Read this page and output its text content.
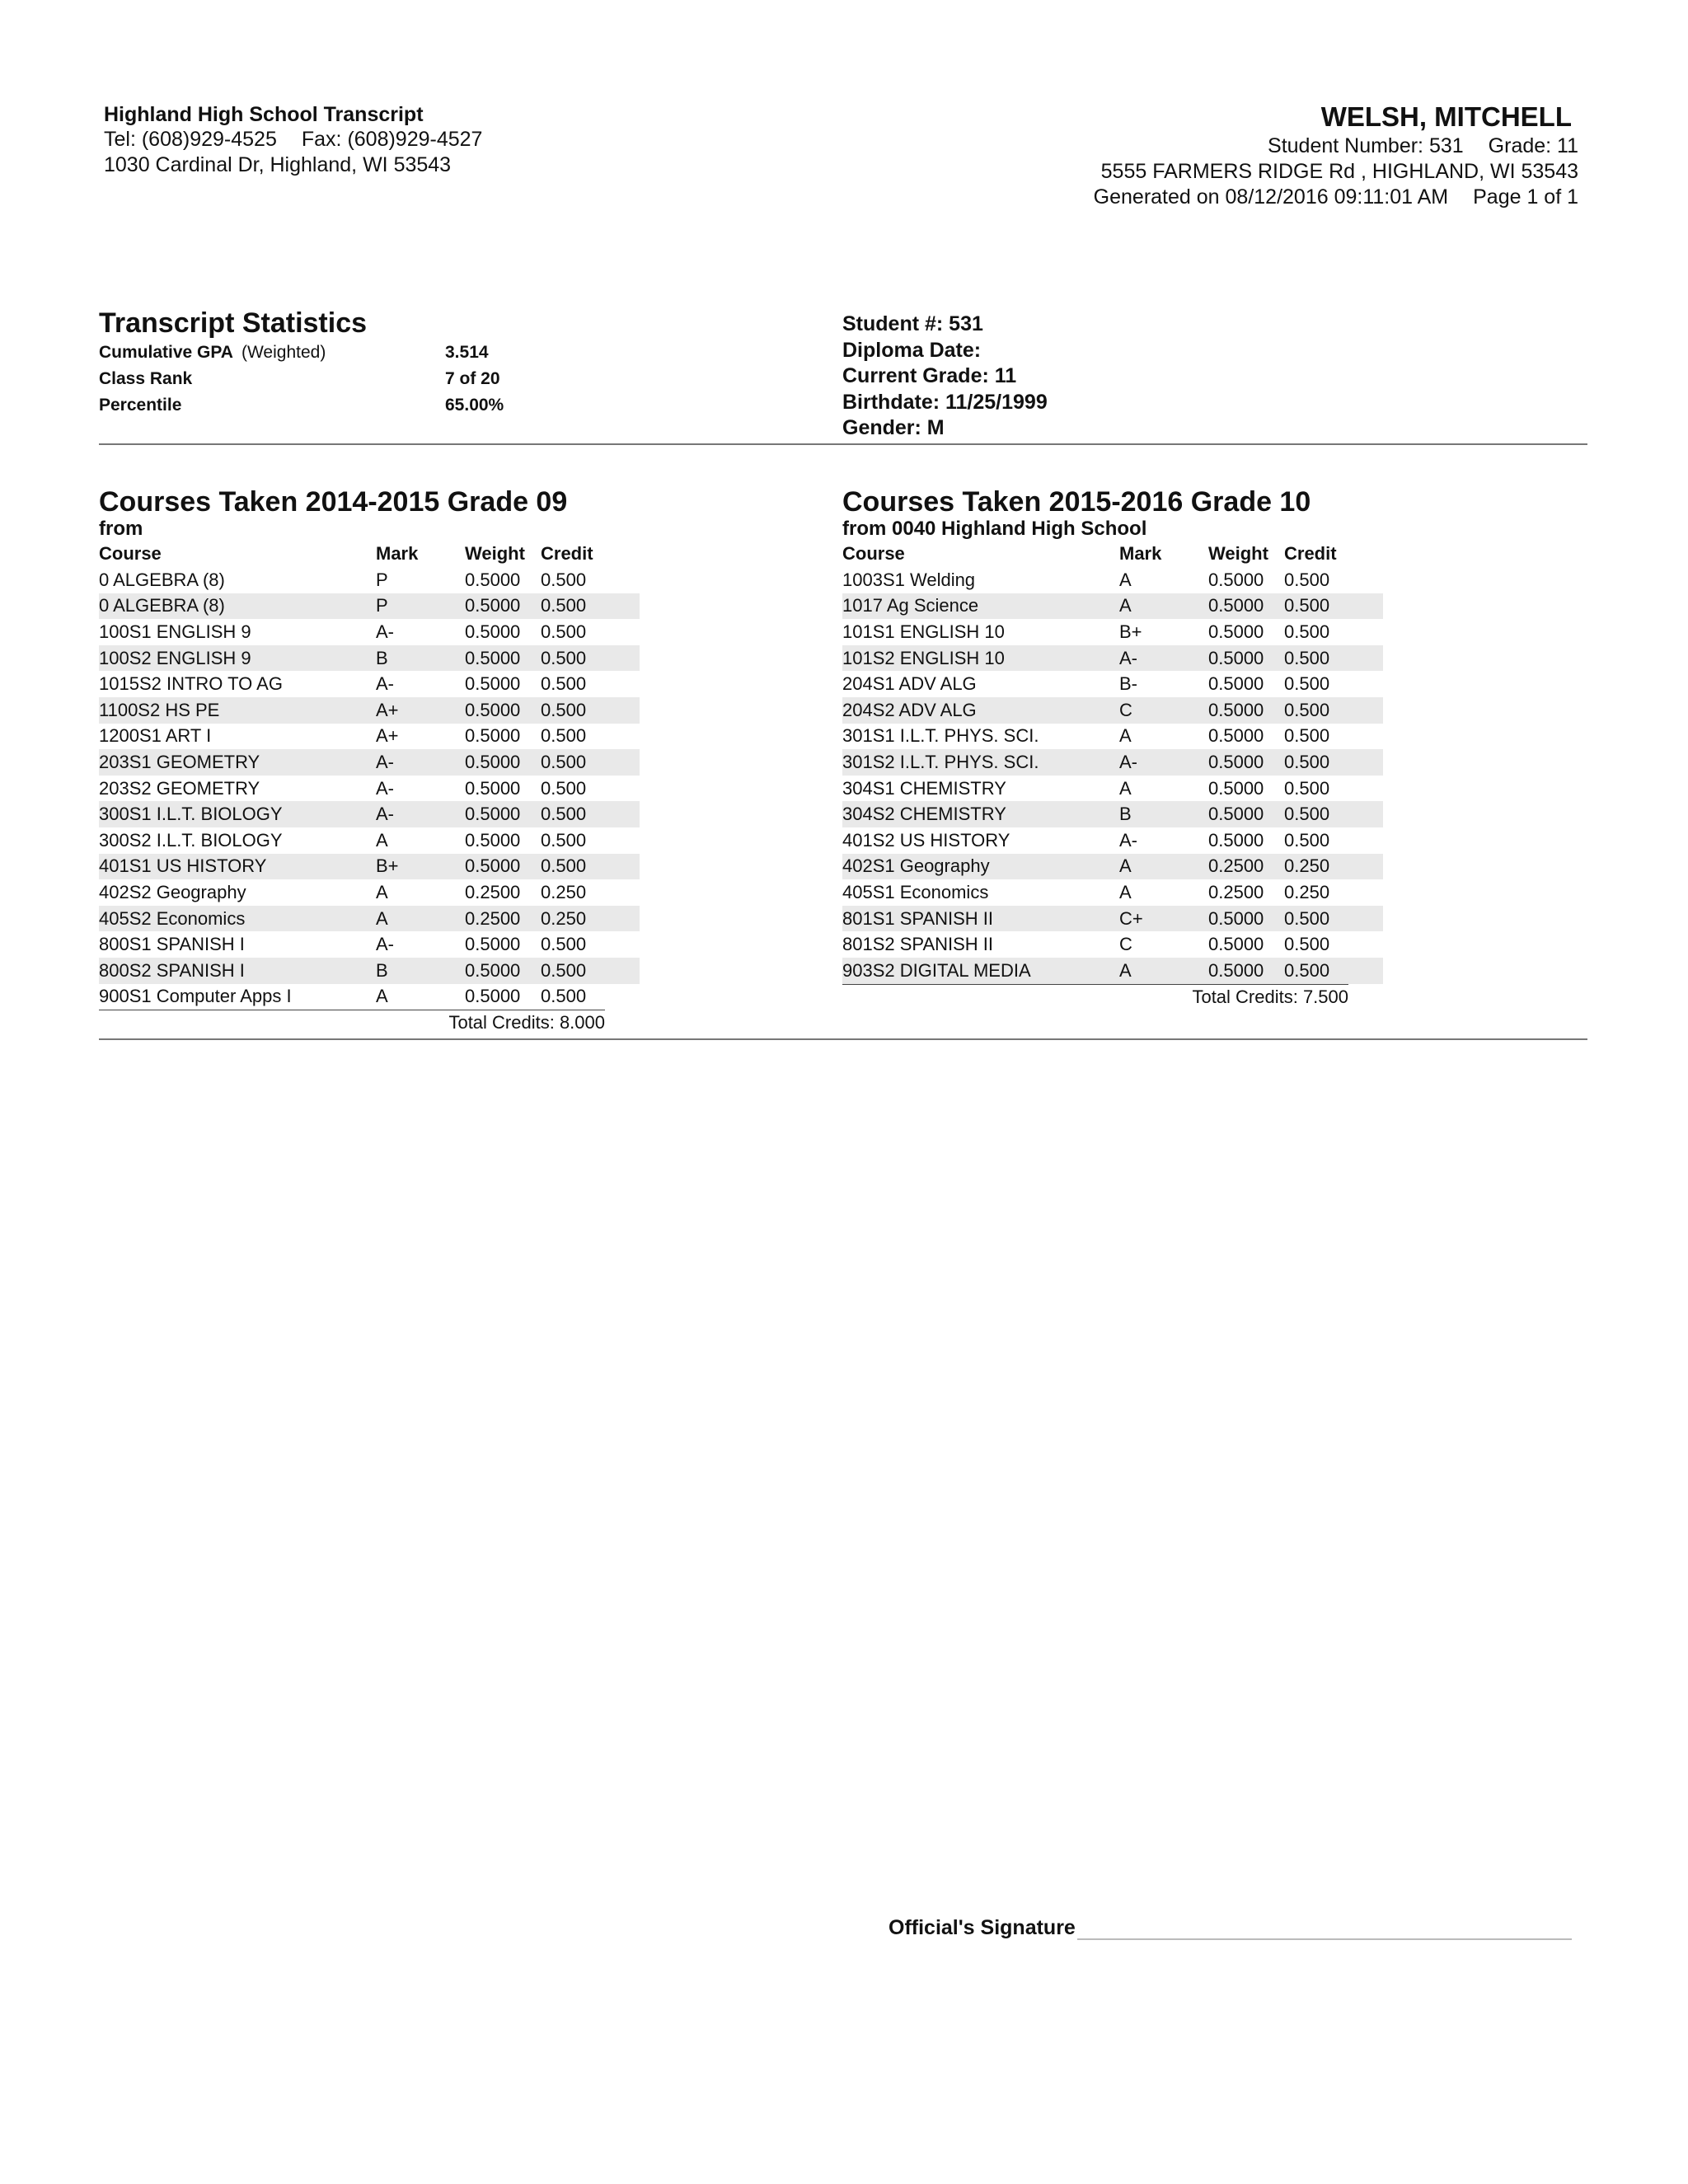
Highland High School Transcript
Tel: (608)929-4525 Fax: (608)929-4527
1030 Cardinal Dr, Highland, WI 53543
WELSH, MITCHELL
Student Number: 531 Grade: 11
5555 FARMERS RIDGE Rd , HIGHLAND, WI 53543
Generated on 08/12/2016 09:11:01 AM Page 1 of 1
Transcript Statistics
Cumulative GPA (Weighted)	3.514
Class Rank	7 of 20
Percentile	65.00%
Student #: 531
Diploma Date:
Current Grade: 11
Birthdate: 11/25/1999
Gender: M
Courses Taken 2014-2015 Grade 09
from
Course	Mark	Weight	Credit
0 ALGEBRA (8)	P	0.5000	0.500
0 ALGEBRA (8)	P	0.5000	0.500
100S1 ENGLISH 9	A-	0.5000	0.500
100S2 ENGLISH 9	B	0.5000	0.500
1015S2 INTRO TO AG	A-	0.5000	0.500
1100S2 HS PE	A+	0.5000	0.500
1200S1 ART I	A+	0.5000	0.500
203S1 GEOMETRY	A-	0.5000	0.500
203S2 GEOMETRY	A-	0.5000	0.500
300S1 I.L.T. BIOLOGY	A-	0.5000	0.500
300S2 I.L.T. BIOLOGY	A	0.5000	0.500
401S1 US HISTORY	B+	0.5000	0.500
402S2 Geography	A	0.2500	0.250
405S2 Economics	A	0.2500	0.250
800S1 SPANISH I	A-	0.5000	0.500
800S2 SPANISH I	B	0.5000	0.500
900S1 Computer Apps I	A	0.5000	0.500
Total Credits: 8.000
Courses Taken 2015-2016 Grade 10
from 0040 Highland High School
Course	Mark	Weight	Credit
1003S1 Welding	A	0.5000	0.500
1017 Ag Science	A	0.5000	0.500
101S1 ENGLISH 10	B+	0.5000	0.500
101S2 ENGLISH 10	A-	0.5000	0.500
204S1 ADV ALG	B-	0.5000	0.500
204S2 ADV ALG	C	0.5000	0.500
301S1 I.L.T. PHYS. SCI.	A	0.5000	0.500
301S2 I.L.T. PHYS. SCI.	A-	0.5000	0.500
304S1 CHEMISTRY	A	0.5000	0.500
304S2 CHEMISTRY	B	0.5000	0.500
401S2 US HISTORY	A-	0.5000	0.500
402S1 Geography	A	0.2500	0.250
405S1 Economics	A	0.2500	0.250
801S1 SPANISH II	C+	0.5000	0.500
801S2 SPANISH II	C	0.5000	0.500
903S2 DIGITAL MEDIA	A	0.5000	0.500
Total Credits: 7.500
Official's Signature
